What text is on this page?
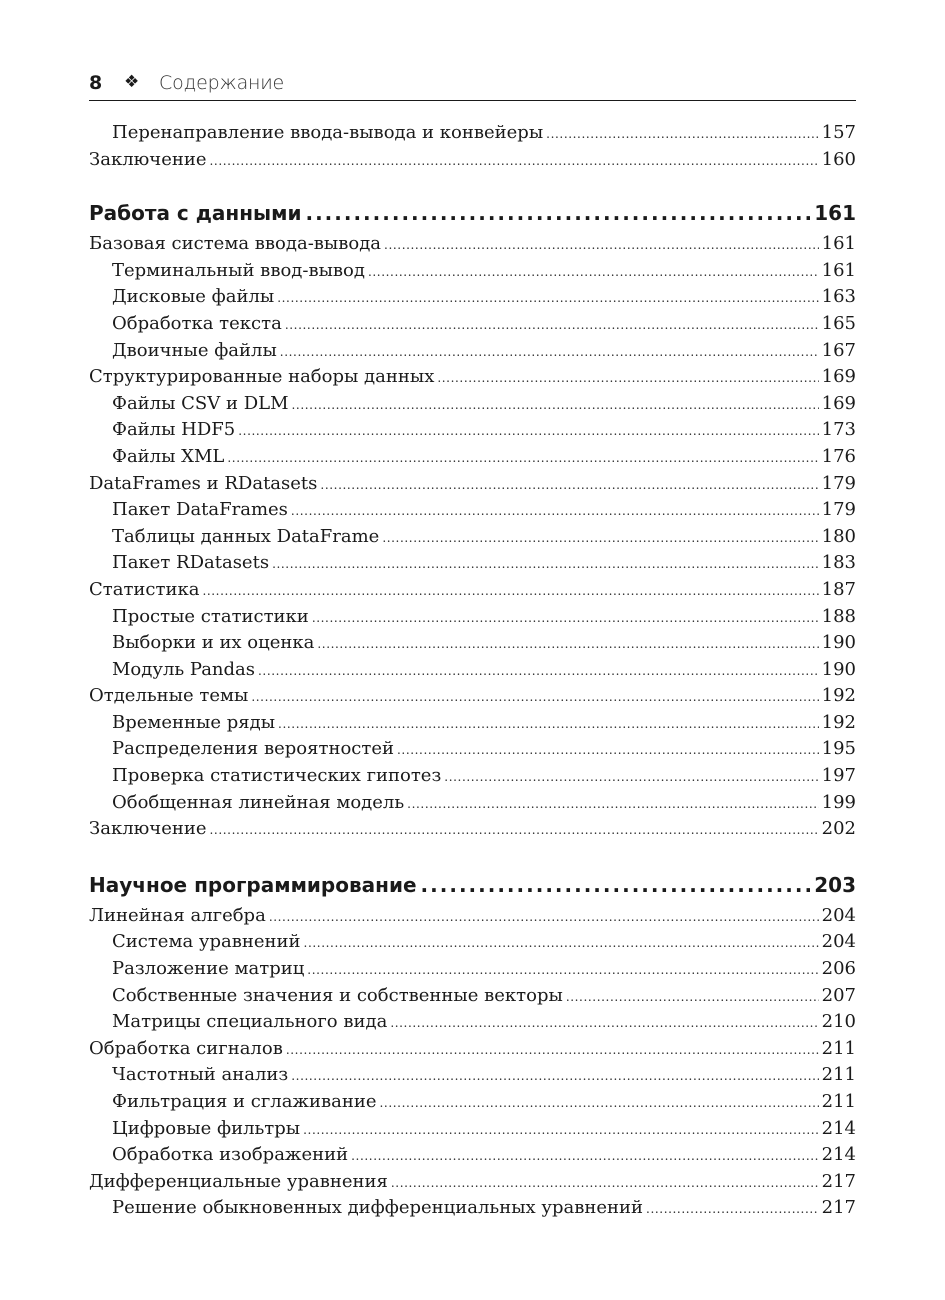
8 ❖ Содержание
Перенаправление ввода-вывода и конвейеры .....	157
Заключение .....	160
Работа с данными .....	161
Базовая система ввода-вывода .....	161
Терминальный ввод-вывод .....	161
Дисковые файлы .....	163
Обработка текста .....	165
Двоичные файлы .....	167
Структурированные наборы данных .....	169
Файлы CSV и DLM .....	169
Файлы HDF5 .....	173
Файлы XML .....	176
DataFrames и RDatasets .....	179
Пакет DataFrames .....	179
Таблицы данных DataFrame .....	180
Пакет RDatasets .....	183
Статистика .....	187
Простые статистики .....	188
Выборки и их оценка .....	190
Модуль Pandas .....	190
Отдельные темы .....	192
Временные ряды .....	192
Распределения вероятностей .....	195
Проверка статистических гипотез .....	197
Обобщенная линейная модель .....	199
Заключение .....	202
Научное программирование .....	203
Линейная алгебра .....	204
Система уравнений .....	204
Разложение матриц .....	206
Собственные значения и собственные векторы .....	207
Матрицы специального вида .....	210
Обработка сигналов .....	211
Частотный анализ .....	211
Фильтрация и сглаживание .....	211
Цифровые фильтры .....	214
Обработка изображений .....	214
Дифференциальные уравнения .....	217
Решение обыкновенных дифференциальных уравнений .....	217
